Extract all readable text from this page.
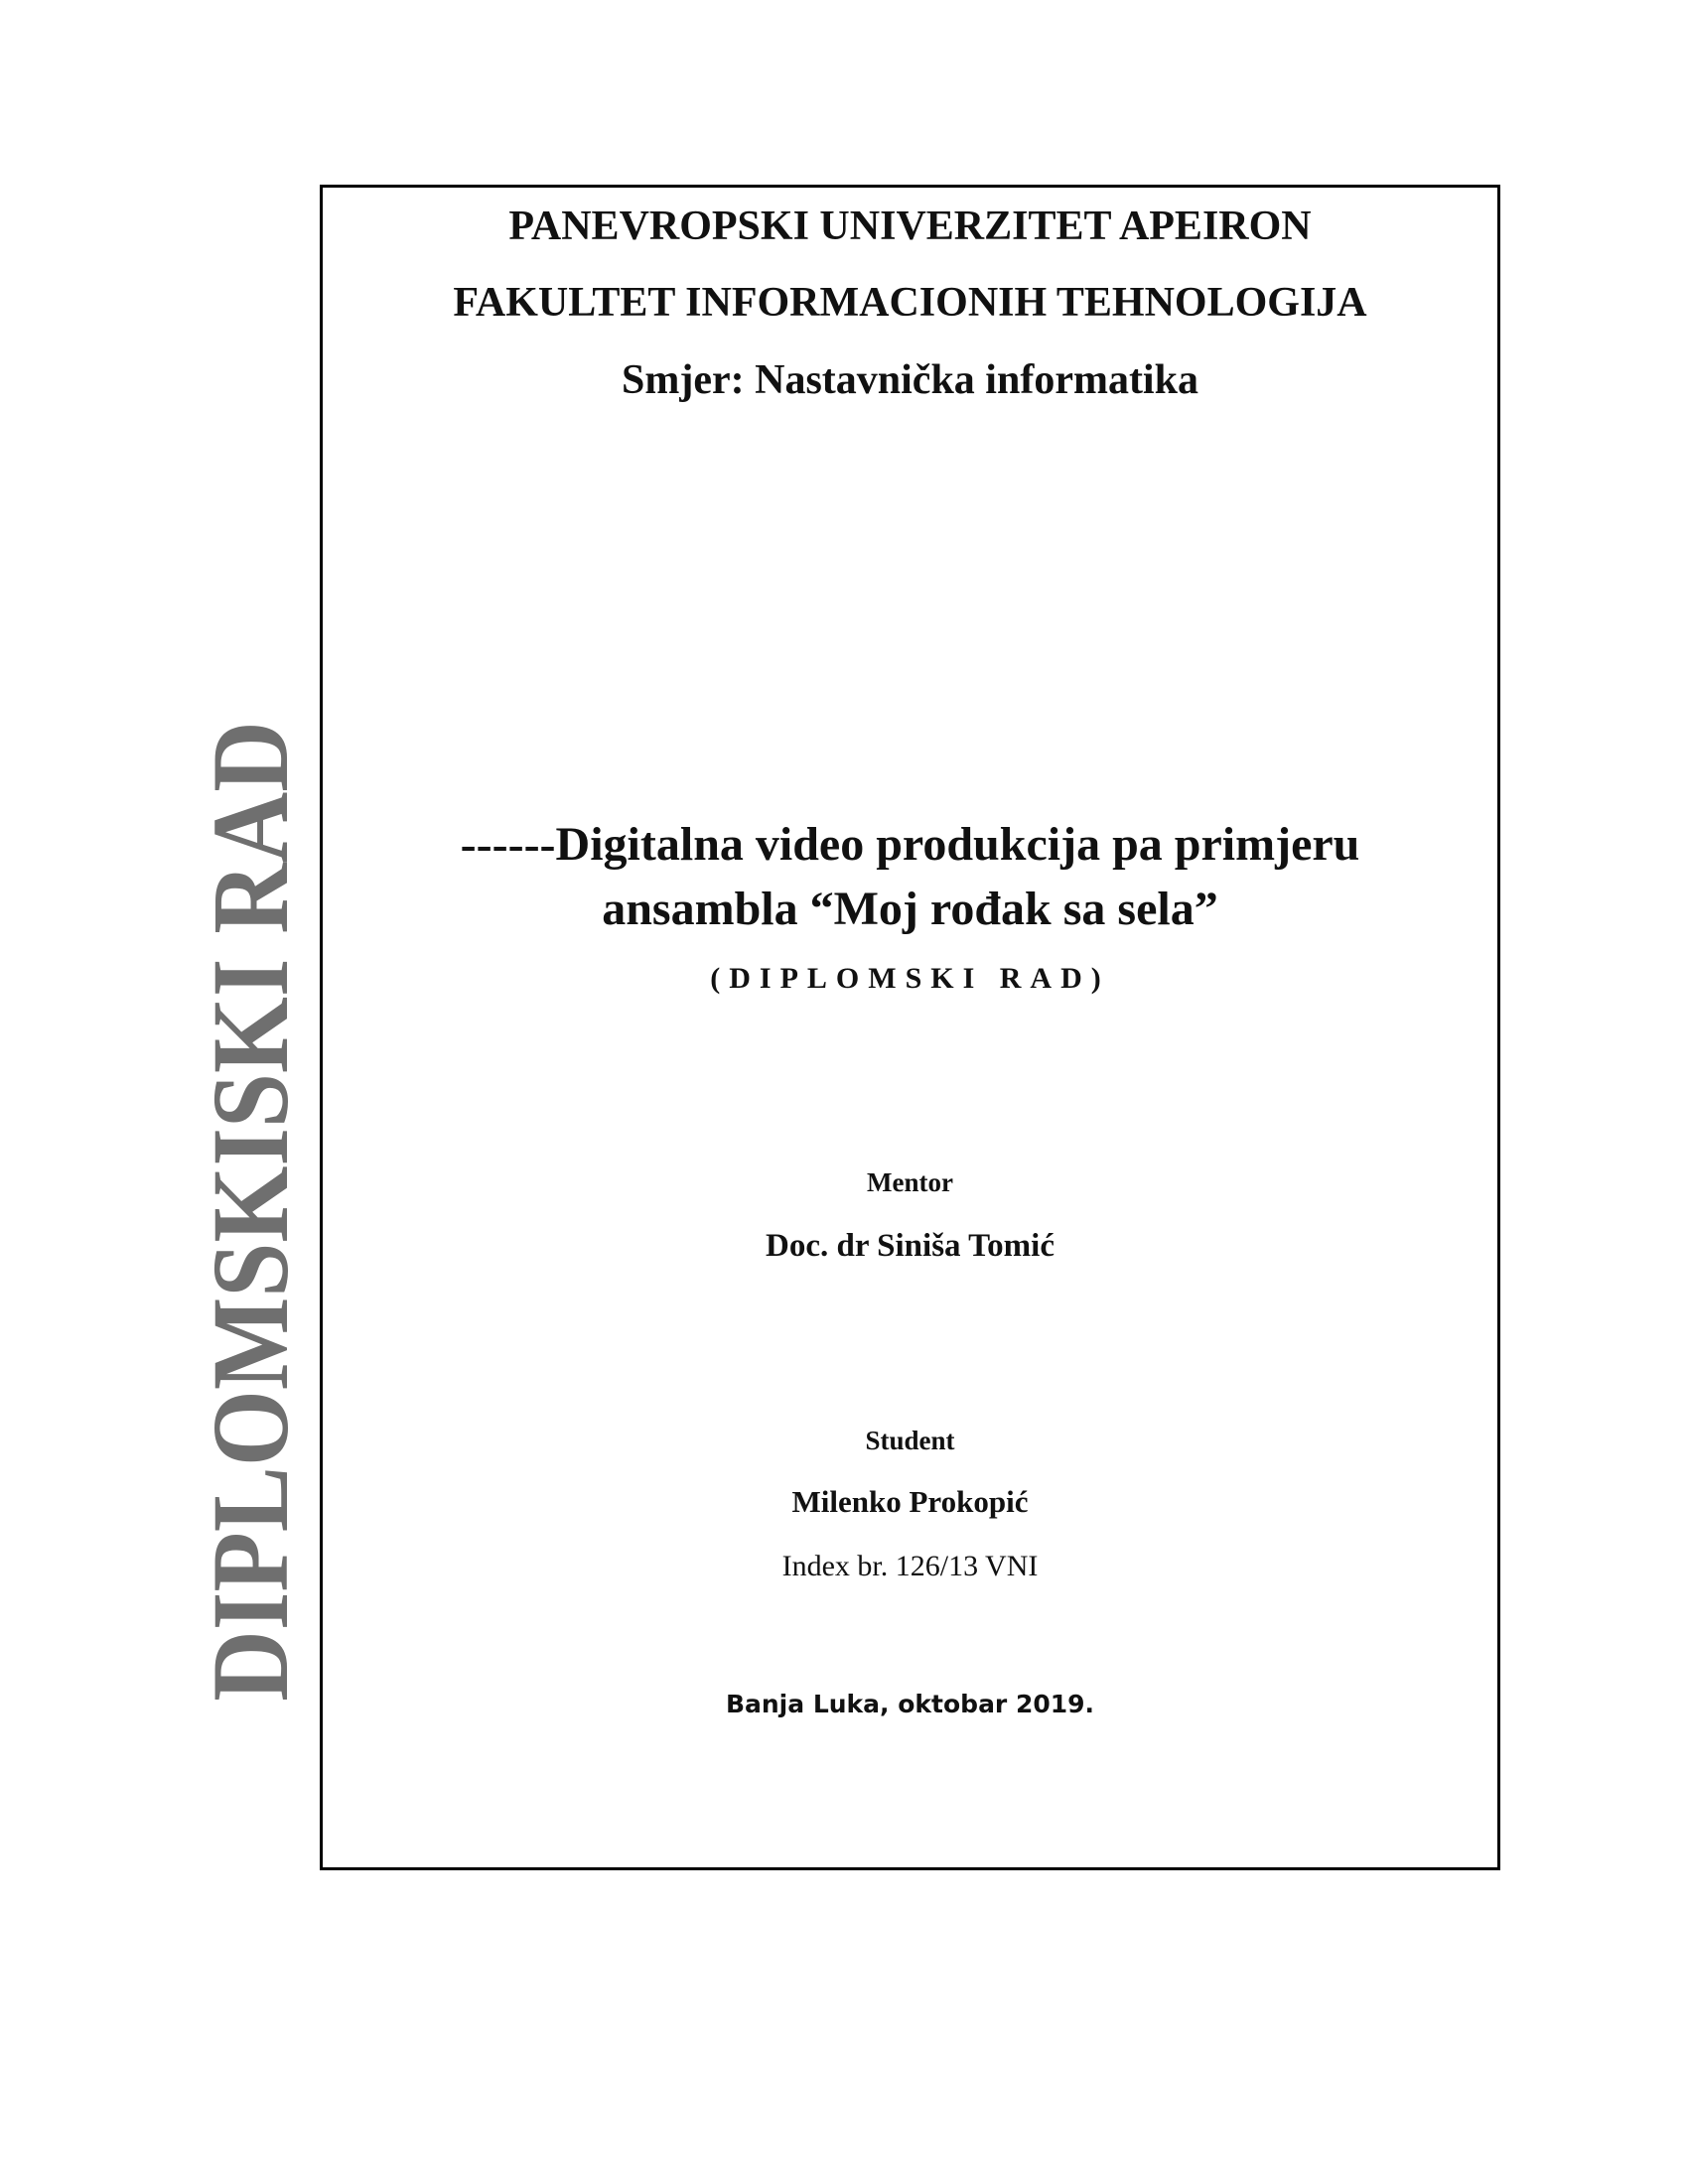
DIPLOMSKISKI RAD
PANEVROPSKI UNIVERZITET APEIRON
FAKULTET INFORMACIONIH TEHNOLOGIJA
Smjer: Nastavnička informatika
------Digitalna video produkcija pa primjeru
ansambla “Moj rođak sa sela”
(DIPLOMSKI RAD)
Mentor
Doc. dr Siniša Tomić
Student
Milenko Prokopić
Index br. 126/13 VNI
Banja Luka, oktobar 2019.
